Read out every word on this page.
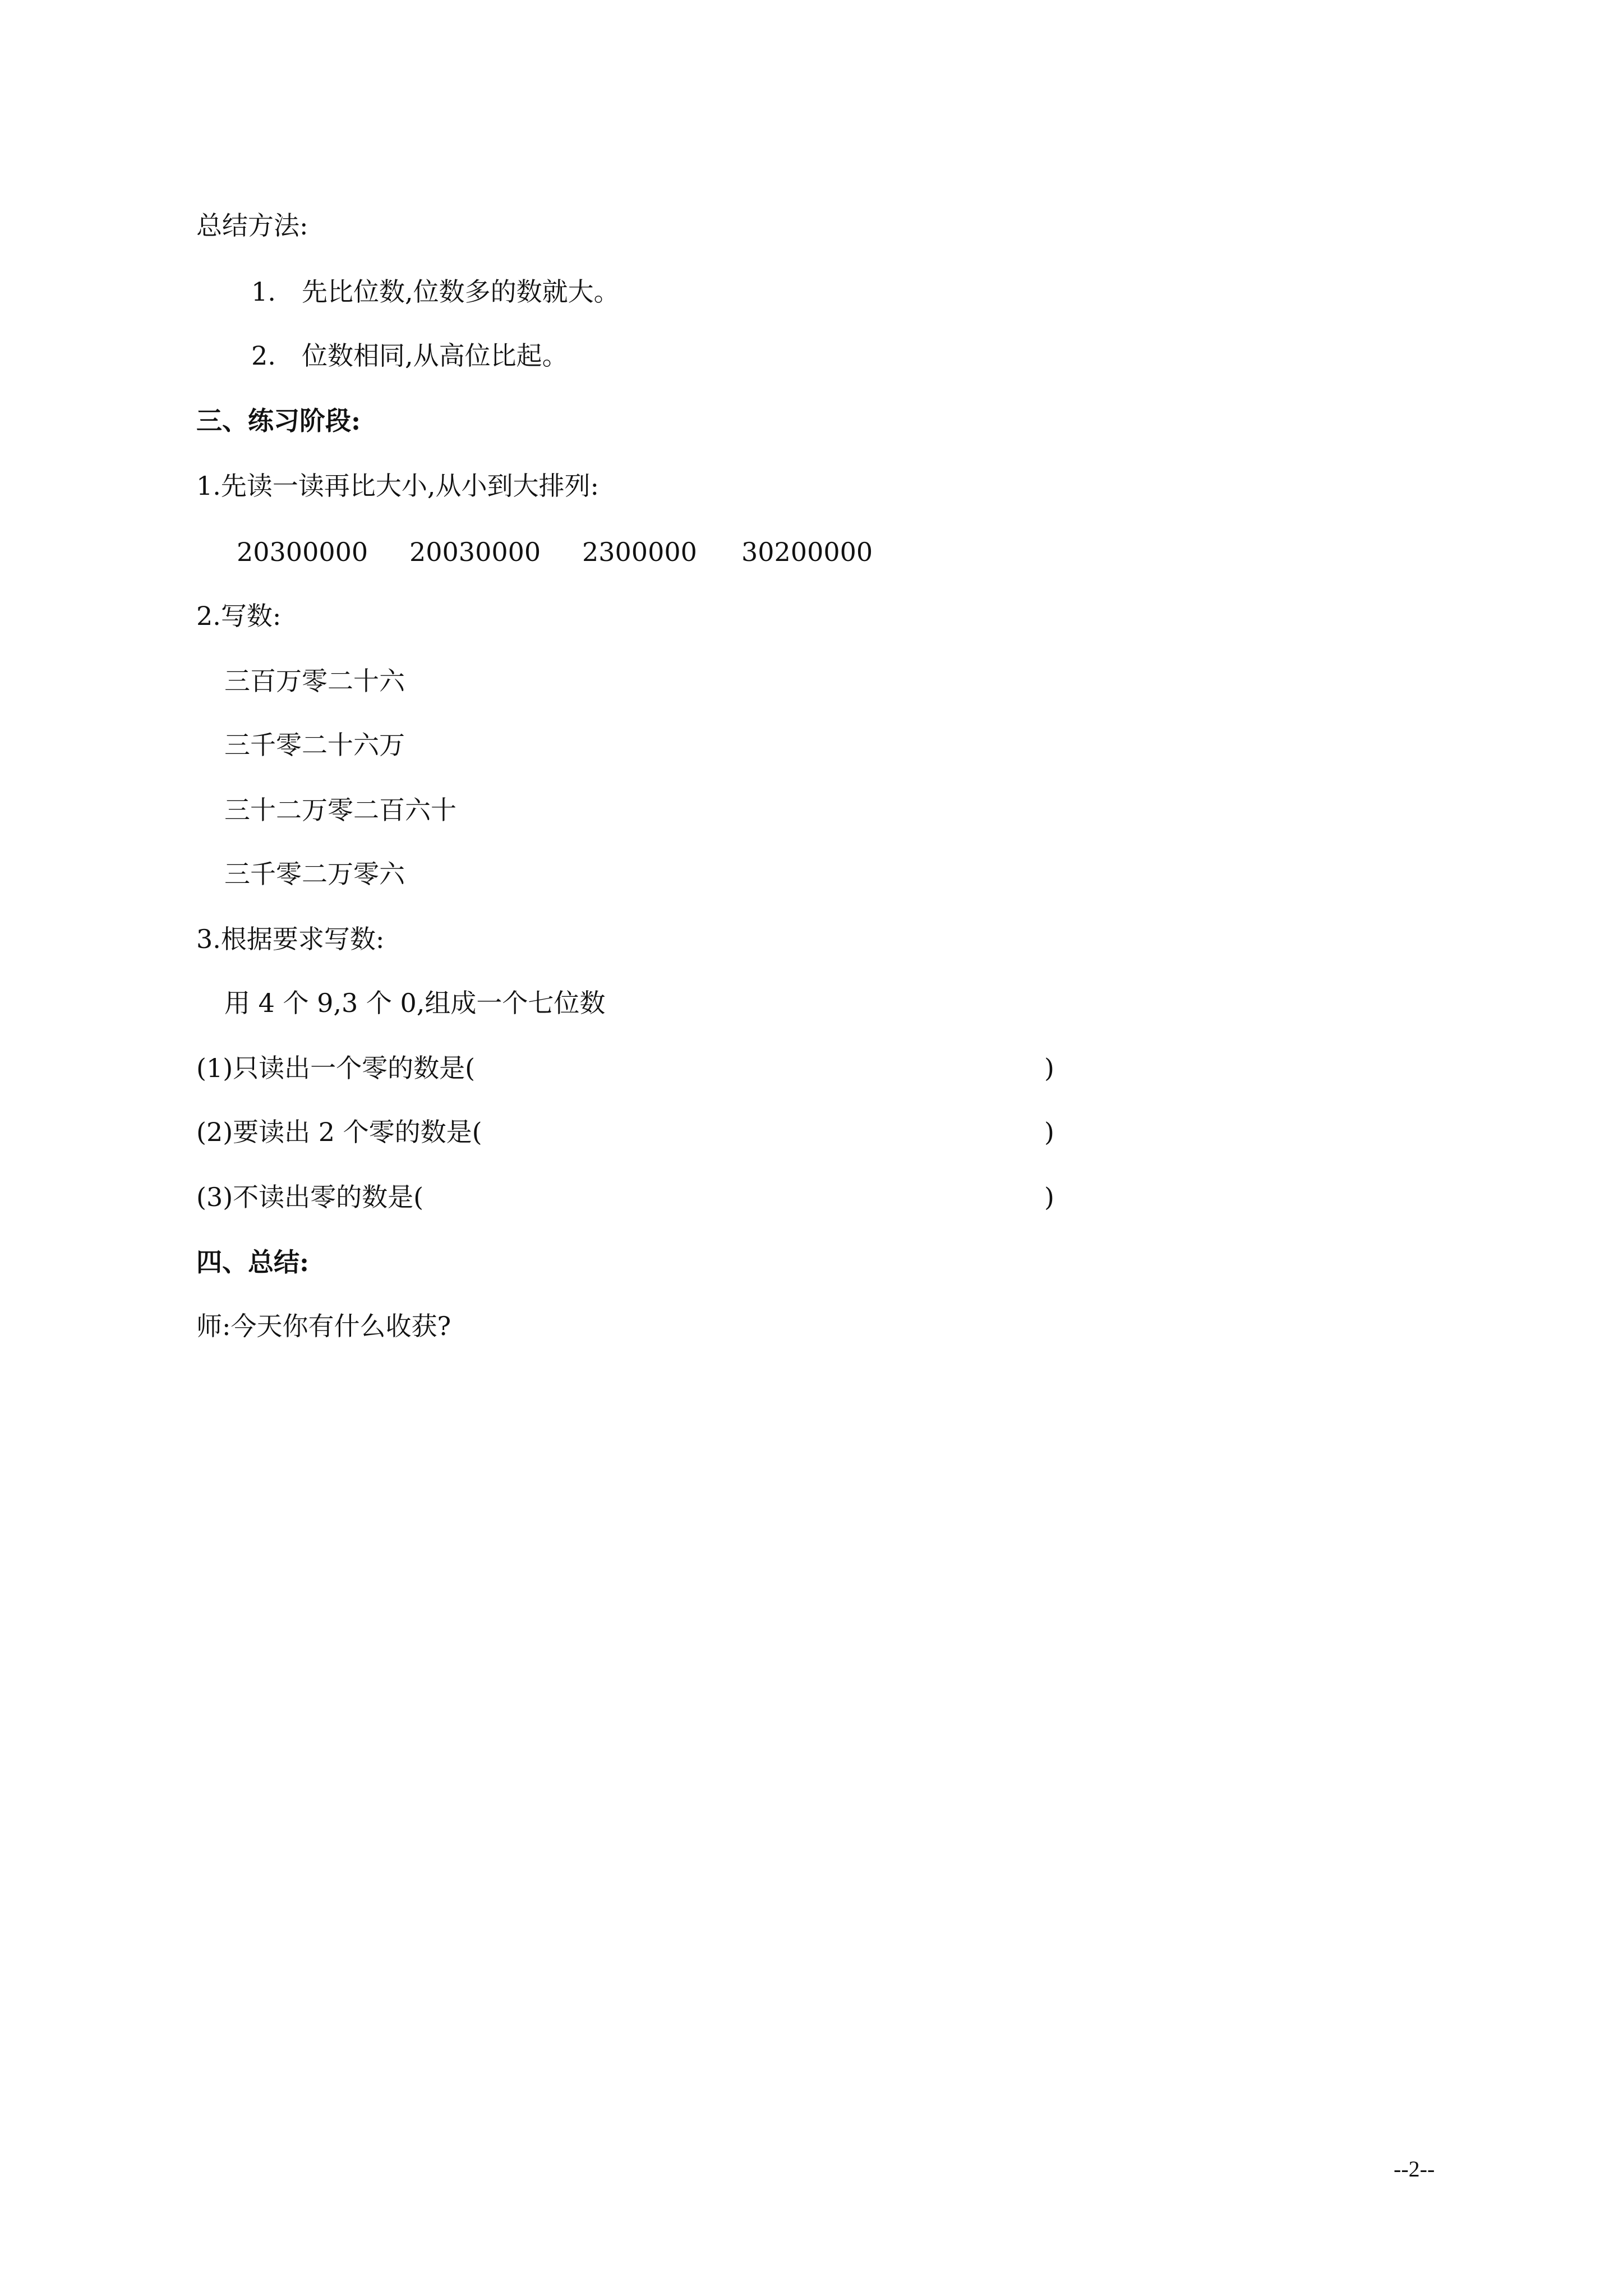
总结方法:
1. 先比位数,位数多的数就大。
2. 位数相同,从高位比起。
三、练习阶段:
1.先读一读再比大小,从小到大排列:
20300000 20030000 2300000 30200000
2.写数:
三百万零二十六
三千零二十六万
三十二万零二百六十
三千零二万零六
3.根据要求写数:
用 4 个 9,3 个 0,组成一个七位数
(1)只读出一个零的数是(	)
(2)要读出 2 个零的数是(	)
(3)不读出零的数是(	)
四、总结:
师:今天你有什么收获?
--2--
